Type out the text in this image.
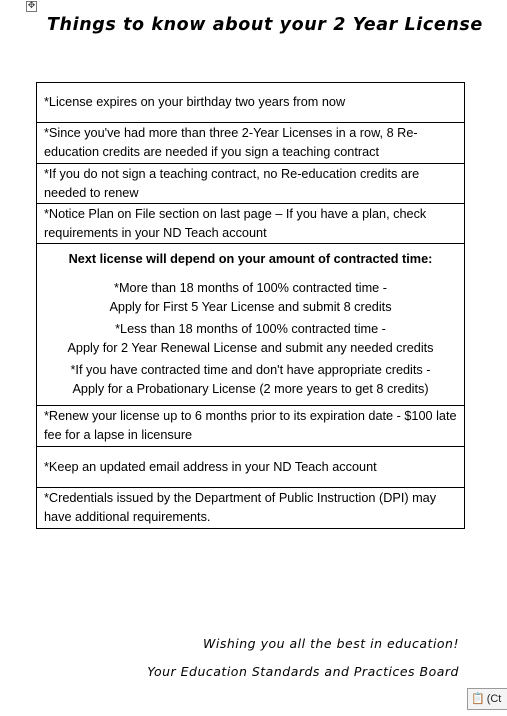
✥
Things to know about your 2 Year License
*License expires on your birthday two years from now
*Since you've had more than three 2-Year Licenses in a row, 8 Re-education credits are needed if you sign a teaching contract
*If you do not sign a teaching contract, no Re-education credits are needed to renew
*Notice Plan on File section on last page – If you have a plan, check requirements in your ND Teach account

Next license will depend on your amount of contracted time:
*More than 18 months of 100% contracted time -
Apply for First 5 Year License and submit 8 credits
*Less than 18 months of 100% contracted time -
Apply for 2 Year Renewal License and submit any needed credits
*If you have contracted time and don't have appropriate credits -
Apply for a Probationary License (2 more years to get 8 credits)

*Renew your license up to 6 months prior to its expiration date - $100 late fee for a lapse in licensure
*Keep an updated email address in your ND Teach account
*Credentials issued by the Department of Public Instruction (DPI) may have additional requirements.
Wishing you all the best in education!
Your Education Standards and Practices Board
📋 (Ct
